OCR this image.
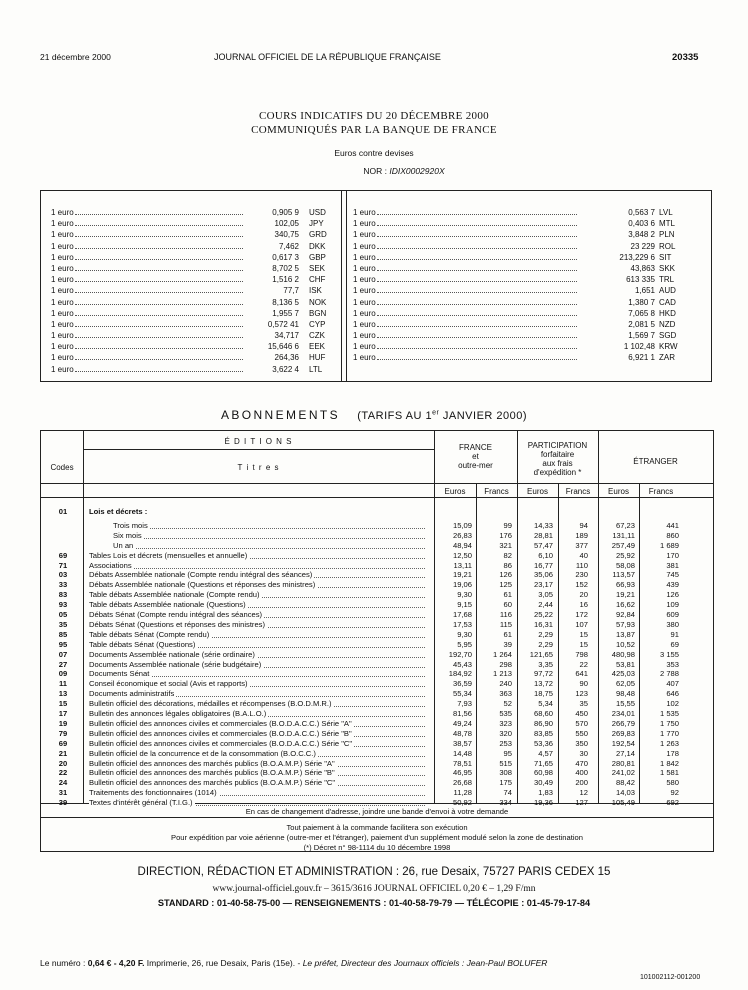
21 décembre 2000	JOURNAL OFFICIEL DE LA RÉPUBLIQUE FRANÇAISE	20335
COURS INDICATIFS DU 20 DÉCEMBRE 2000
COMMUNIQUÉS PAR LA BANQUE DE FRANCE
Euros contre devises
NOR : IDIX0002920X
1 euro	0,905 9 USD
1 euro	102,05 JPY
1 euro	340,75 GRD
1 euro	7,462 DKK
1 euro	0,617 3 GBP
1 euro	8,702 5 SEK
1 euro	1,516 2 CHF
1 euro	77,7 ISK
1 euro	8,136 5 NOK
1 euro	1,955 7 BGN
1 euro	0,572 41 CYP
1 euro	34,717 CZK
1 euro	15,646 6 EEK
1 euro	264,36 HUF
1 euro	3,622 4 LTL
1 euro	0,563 7 LVL
1 euro	0,403 6 MTL
1 euro	3,848 2 PLN
1 euro	23 229 ROL
1 euro	213,229 6 SIT
1 euro	43,863 SKK
1 euro	613 335 TRL
1 euro	1,651 AUD
1 euro	1,380 7 CAD
1 euro	7,065 8 HKD
1 euro	2,081 5 NZD
1 euro	1,569 7 SGD
1 euro	1 102,48 KRW
1 euro	6,921 1 ZAR
ABONNEMENTS (TARIFS AU 1er JANVIER 2000)
É D I T I O N S
Codes	T i t r e s
FRANCE
et
outre-mer
PARTICIPATION
forfaitaire
aux frais
d'expédition *
ÉTRANGER
Euros	Francs	Euros	Francs	Euros	Francs
01	Lois et décrets :
Trois mois	15,09	99	14,33	94	67,23	441
Six mois	26,83	176	28,81	189	131,11	860
Un an	48,94	321	57,47	377	257,49	1 689
69	Tables Lois et décrets (mensuelles et annuelle)	12,50	82	6,10	40	25,92	170
71	Associations	13,11	86	16,77	110	58,08	381
03	Débats Assemblée nationale (Compte rendu intégral des séances)	19,21	126	35,06	230	113,57	745
33	Débats Assemblée nationale (Questions et réponses des ministres)	19,06	125	23,17	152	66,93	439
83	Table débats Assemblée nationale (Compte rendu)	9,30	61	3,05	20	19,21	126
93	Table débats Assemblée nationale (Questions)	9,15	60	2,44	16	16,62	109
05	Débats Sénat (Compte rendu intégral des séances)	17,68	116	25,22	172	92,84	609
35	Débats Sénat (Questions et réponses des ministres)	17,53	115	16,31	107	57,93	380
85	Table débats Sénat (Compte rendu)	9,30	61	2,29	15	13,87	91
95	Table débats Sénat (Questions)	5,95	39	2,29	15	10,52	69
07	Documents Assemblée nationale (série ordinaire)	192,70	1 264	121,65	798	480,98	3 155
27	Documents Assemblée nationale (série budgétaire)	45,43	298	3,35	22	53,81	353
09	Documents Sénat	184,92	1 213	97,72	641	425,03	2 788
11	Conseil économique et social (Avis et rapports)	36,59	240	13,72	90	62,05	407
13	Documents administratifs	55,34	363	18,75	123	98,48	646
15	Bulletin officiel des décorations, médailles et récompenses (B.O.D.M.R.)	7,93	52	5,34	35	15,55	102
17	Bulletin des annonces légales obligatoires (B.A.L.O.)	81,56	535	68,60	450	234,01	1 535
19	Bulletin officiel des annonces civiles et commerciales (B.O.D.A.C.C.) Série "A"	49,24	323	86,90	570	266,79	1 750
79	Bulletin officiel des annonces civiles et commerciales (B.O.D.A.C.C.) Série "B"	48,78	320	83,85	550	269,83	1 770
69	Bulletin officiel des annonces civiles et commerciales (B.O.D.A.C.C.) Série "C"	38,57	253	53,36	350	192,54	1 263
21	Bulletin officiel de la concurrence et de la consommation (B.O.C.C.)	14,48	95	4,57	30	27,14	178
20	Bulletin officiel des annonces des marchés publics (B.O.A.M.P.) Série "A"	78,51	515	71,65	470	280,81	1 842
22	Bulletin officiel des annonces des marchés publics (B.O.A.M.P.) Série "B"	46,95	308	60,98	400	241,02	1 581
24	Bulletin officiel des annonces des marchés publics (B.O.A.M.P.) Série "C"	26,68	175	30,49	200	88,42	580
31	Traitements des fonctionnaires (1014)	11,28	74	1,83	12	14,03	92
39	Textes d'intérêt général (T.I.G.)	50,92	334	19,36	127	105,49	692
En cas de changement d'adresse, joindre une bande d'envoi à votre demande
Tout paiement à la commande facilitera son exécution
Pour expédition par voie aérienne (outre-mer et l'étranger), paiement d'un supplément modulé selon la zone de destination
(*) Décret n° 98-1114 du 10 décembre 1998
DIRECTION, RÉDACTION ET ADMINISTRATION : 26, rue Desaix, 75727 PARIS CEDEX 15
www.journal-officiel.gouv.fr – 3615/3616 JOURNAL OFFICIEL 0,20 € – 1,29 F/mn
STANDARD : 01-40-58-75-00 — RENSEIGNEMENTS : 01-40-58-79-79 — TÉLÉCOPIE : 01-45-79-17-84
Le numéro : 0,64 € - 4,20 F. Imprimerie, 26, rue Desaix, Paris (15e). - Le préfet, Directeur des Journaux officiels : Jean-Paul BOLUFER
101002112-001200
